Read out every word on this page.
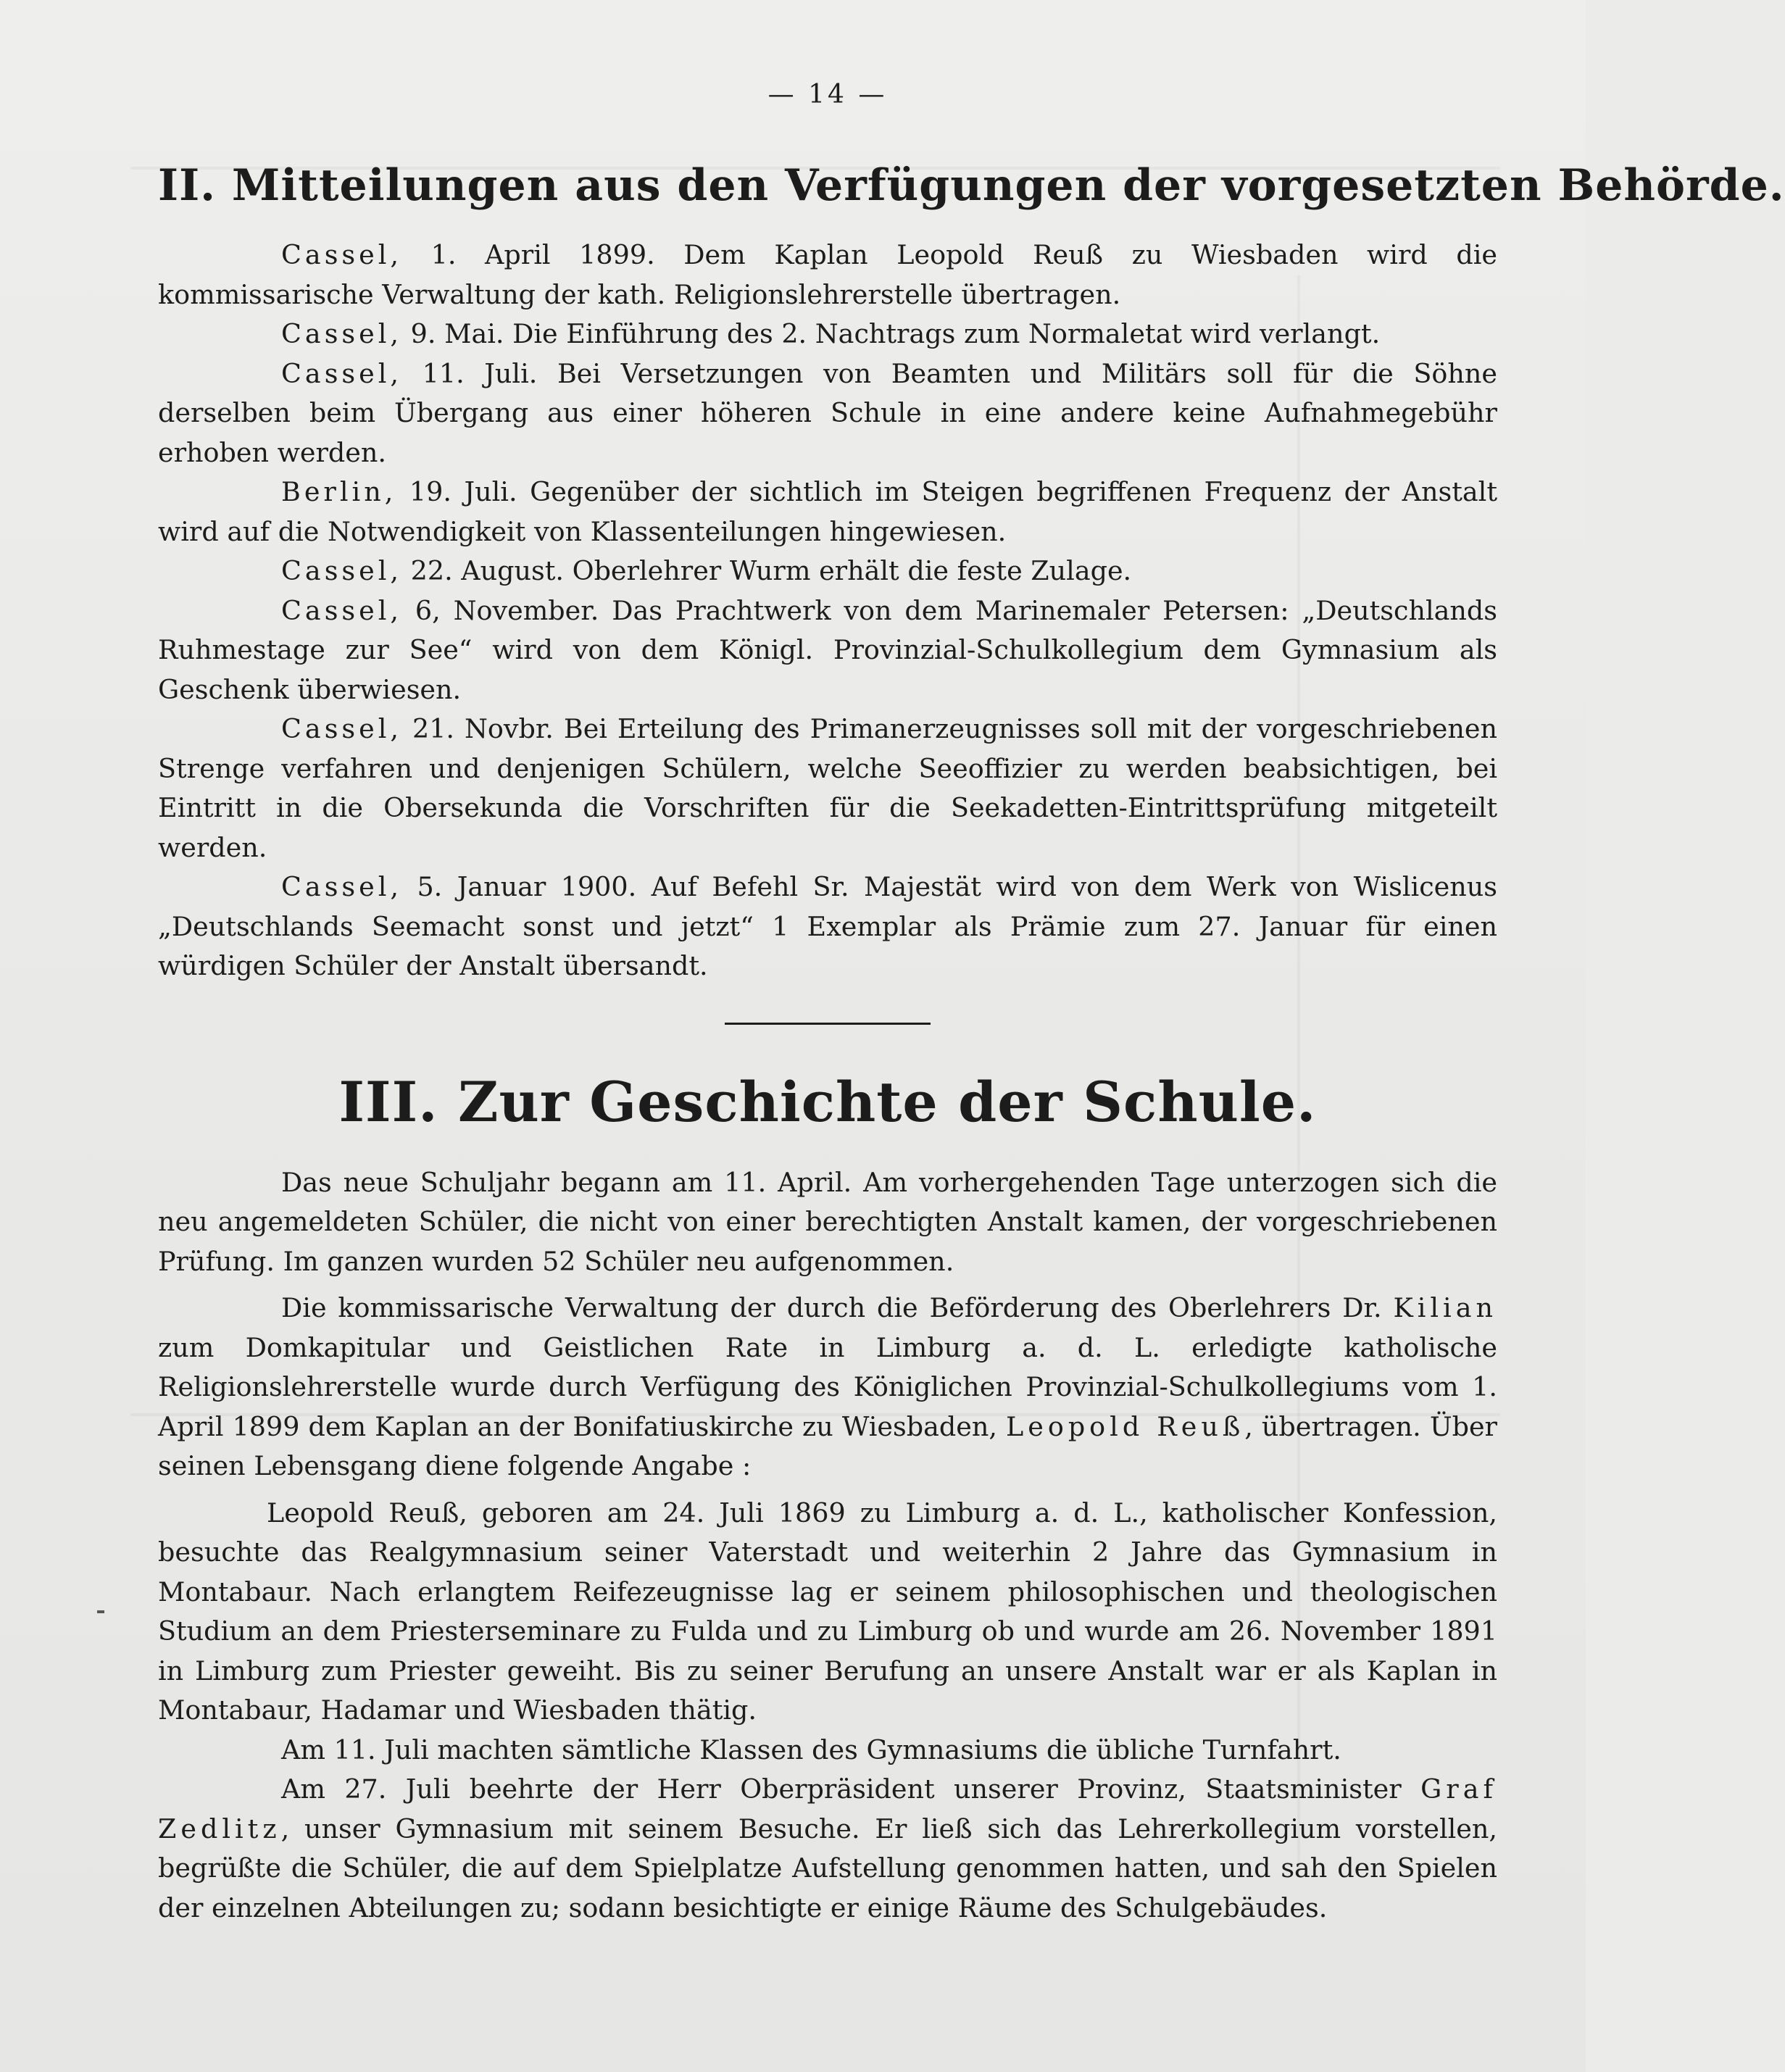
— 14 —
II. Mitteilungen aus den Verfügungen der vorgesetzten Behörde.

Cassel, 1. April 1899. Dem Kaplan Leopold Reuß zu Wiesbaden wird die kommissarische Verwaltung der kath. Religionslehrerstelle übertragen.

Cassel, 9. Mai. Die Einführung des 2. Nachtrags zum Normaletat wird verlangt.

Cassel, 11. Juli. Bei Versetzungen von Beamten und Militärs soll für die Söhne derselben beim Übergang aus einer höheren Schule in eine andere keine Aufnahmegebühr erhoben werden.

Berlin, 19. Juli. Gegenüber der sichtlich im Steigen begriffenen Frequenz der Anstalt wird auf die Notwendigkeit von Klassenteilungen hingewiesen.

Cassel, 22. August. Oberlehrer Wurm erhält die feste Zulage.

Cassel, 6, November. Das Prachtwerk von dem Marinemaler Petersen: „Deutschlands Ruhmestage zur See“ wird von dem Königl. Provinzial-Schulkollegium dem Gymnasium als Geschenk überwiesen.

Cassel, 21. Novbr. Bei Erteilung des Primanerzeugnisses soll mit der vorgeschriebenen Strenge verfahren und denjenigen Schülern, welche Seeoffizier zu werden beabsichtigen, bei Eintritt in die Obersekunda die Vorschriften für die Seekadetten-Eintrittsprüfung mitgeteilt werden.

Cassel, 5. Januar 1900. Auf Befehl Sr. Majestät wird von dem Werk von Wislicenus „Deutschlands Seemacht sonst und jetzt“ 1 Exemplar als Prämie zum 27. Januar für einen würdigen Schüler der Anstalt übersandt.

III. Zur Geschichte der Schule.

Das neue Schuljahr begann am 11. April. Am vorhergehenden Tage unterzogen sich die neu angemeldeten Schüler, die nicht von einer berechtigten Anstalt kamen, der vorgeschriebenen Prüfung. Im ganzen wurden 52 Schüler neu aufgenommen.

Die kommissarische Verwaltung der durch die Beförderung des Oberlehrers Dr. Kilian zum Domkapitular und Geistlichen Rate in Limburg a. d. L. erledigte katholische Religionslehrerstelle wurde durch Verfügung des Königlichen Provinzial-Schulkollegiums vom 1. April 1899 dem Kaplan an der Bonifatiuskirche zu Wiesbaden, Leopold Reuß, übertragen. Über seinen Lebensgang diene folgende Angabe :

Leopold Reuß, geboren am 24. Juli 1869 zu Limburg a. d. L., katholischer Konfession, besuchte das Realgymnasium seiner Vaterstadt und weiterhin 2 Jahre das Gymnasium in Montabaur. Nach erlangtem Reifezeugnisse lag er seinem philosophischen und theologischen Studium an dem Priesterseminare zu Fulda und zu Limburg ob und wurde am 26. November 1891 in Limburg zum Priester geweiht. Bis zu seiner Berufung an unsere Anstalt war er als Kaplan in Montabaur, Hadamar und Wiesbaden thätig.

Am 11. Juli machten sämtliche Klassen des Gymnasiums die übliche Turnfahrt.

Am 27. Juli beehrte der Herr Oberpräsident unserer Provinz, Staatsminister Graf Zedlitz, unser Gymnasium mit seinem Besuche. Er ließ sich das Lehrerkollegium vorstellen, begrüßte die Schüler, die auf dem Spielplatze Aufstellung genommen hatten, und sah den Spielen der einzelnen Abteilungen zu; sodann besichtigte er einige Räume des Schulgebäudes.
